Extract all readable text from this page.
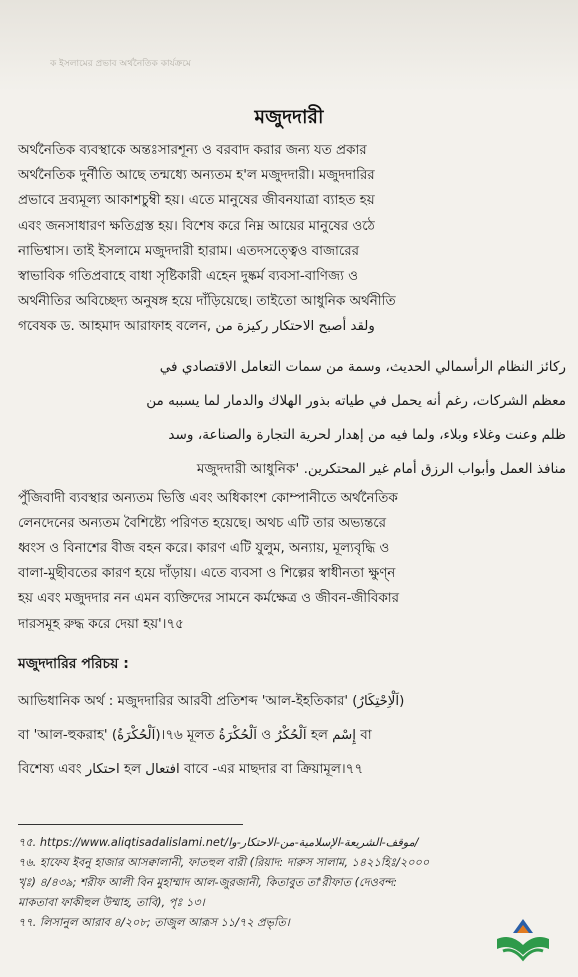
ক ইসলামের প্রভাব অর্থনৈতিক কার্যক্রমে
মজুদদারী

অর্থনৈতিক ব্যবস্থাকে অন্তঃসারশূন্য ও বরবাদ করার জন্য যত প্রকার

অর্থনৈতিক দুর্নীতি আছে তন্মধ্যে অন্যতম হ'ল মজুদদারী। মজুদদারির

প্রভাবে দ্রব্যমূল্য আকাশচুম্বী হয়। এতে মানুষের জীবনযাত্রা ব্যাহত হয়

এবং জনসাধারণ ক্ষতিগ্রস্ত হয়। বিশেষ করে নিম্ন আয়ের মানুষের ওঠে

নাভিশ্বাস। তাই ইসলামে মজুদদারী হারাম। এতদসত্ত্বেও বাজারের

স্বাভাবিক গতিপ্রবাহে বাধা সৃষ্টিকারী এহেন দুষ্কর্ম ব্যবসা-বাণিজ্য ও

অর্থনীতির অবিচ্ছেদ্য অনুষঙ্গ হয়ে দাঁড়িয়েছে। তাইতো আধুনিক অর্থনীতি

গবেষক ড. আহমাদ আরাফাহ বলেন, ولقد أصبح الاحتكار ركيزة من

ركائز النظام الرأسمالي الحديث، وسمة من سمات التعامل الاقتصادي في

معظم الشركات، رغم أنه يحمل في طياته بذور الهلاك والدمار لما يسببه من

ظلم وعنت وغلاء وبلاء، ولما فيه من إهدار لحرية التجارة والصناعة، وسد

منافذ العمل وأبواب الرزق أمام غير المحتكرين. 'মজুদদারী আধুনিক

পুঁজিবাদী ব্যবস্থার অন্যতম ভিত্তি এবং অধিকাংশ কোম্পানীতে অর্থনৈতিক

লেনদেনের অন্যতম বৈশিষ্ট্যে পরিণত হয়েছে। অথচ এটি তার অভ্যন্তরে

ধ্বংস ও বিনাশের বীজ বহন করে। কারণ এটি যুলুম, অন্যায়, মূল্যবৃদ্ধি ও

বালা-মুছীবতের কারণ হয়ে দাঁড়ায়। এতে ব্যবসা ও শিল্পের স্বাধীনতা ক্ষুণ্ন

হয় এবং মজুদদার নন এমন ব্যক্তিদের সামনে কর্মক্ষেত্র ও জীবন-জীবিকার

দারসমূহ রুদ্ধ করে দেয়া হয়'।৭৫

মজুদদারির পরিচয় :

আভিধানিক অর্থ : মজুদদারির আরবী প্রতিশব্দ 'আল-ইহতিকার' (اَلْاِحْتِكَارُ)

বা 'আল-হুকরাহ' (اَلْحُكْرَةُ)।৭৬ মূলত اَلْحُكْرَةُ ও اَلْحُكْرُ হল إِسْم বা

বিশেষ্য এবং احتكار হল افتعال বাবে -এর মাছদার বা ক্রিয়ামূল।৭৭

৭৫. https://www.aliqtisadalislami.net/موقف-الشريعة-الإسلامية-من-الاحتكار-وا/

৭৬. হাফেয ইবনু হাজার আসক্বালানী, ফাতহুল বারী (রিয়াদ: দারুস সালাম, ১৪২১হিঃ/২০০০

খৃঃ) ৪/৪৩৯; শরীফ আলী বিন মুহাম্মাদ আল-জুরজানী, কিতাবুত তা'রীফাত (দেওবন্দ:

মাকতাবা ফাকীহুল উম্মাহ, তাবি), পৃঃ ১৩।

৭৭. লিসানুল আরাব ৪/২০৮; তাজুল আরূস ১১/৭২ প্রভৃতি।
